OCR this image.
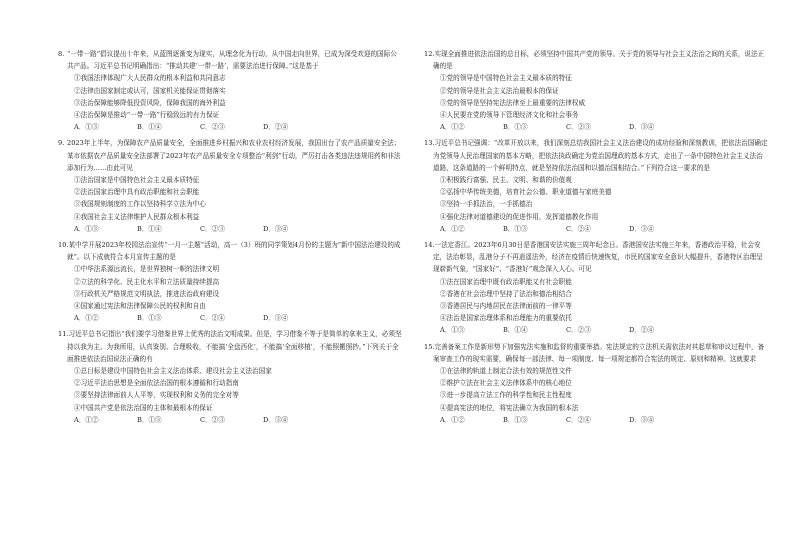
8. “一带一路”倡议提出十年来，从蓝图逐渐变为现实，从理念化为行动，从中国走向世界，已成为深受欢迎的国际公共产品。习近平总书记明确指出：“推动共建‘一带一路’，需要法治进行保障。”这是基于
①我国法律体现广大人民群众的根本利益和共同意志
②法律由国家制定或认可，国家机关能保证贯彻落实
③法治保障能够降低投资风险，保障我国的海外利益
④法治保障是推动“一带一路”行稳致远的有力保证
A．①③	B．①④	C．②③	D．②④
9. 2023年上半年，为保障农产品质量安全，全面推进乡村振兴和农业农村经济发展，我国出台了农产品质量安全法；某市依据农产品质量安全法部署了2023年农产品质量安全专项整治“利剑”行动，严厉打击各类违法违规用药和非法添加行为……由此可见
①法治国家是中国特色社会主义最本质特征
②法治国家治理中具有政治职能和社会职能
③我国规则制度的工作以坚持科学立法为中心
④我国社会主义法律维护人民群众根本利益
A．①③	B．①④	C．②③	D．③④
10.某中学开展2023年校园法治宣传“一月一主题”活动，高一（3）班的同学策划4月份的主题为“新中国法治建设的成就”。以下成就符合本月宣传主题的是
①中华法系源远流长，是世界独树一帜的法律文明
②立法的科学化、民主化水平和立法质量持续提高
③行政机关严格规范文明执法，推进法治政府建设
④国家通过宪法和法律保障公民的权利和自由
A．①②	B．①③	C．②④	D．③④
11.习近平总书记指出“我们要学习借鉴世界上优秀的法治文明成果。但是，学习借鉴不等于是简单的拿来主义，必须坚持以我为主、为我所用，认真鉴别、合理吸收，不能搞‘全盘西化’，不能搞‘全面移植’，不能照搬照抄。”下列关于全面推进依法治国说法正确的有
①总目标是建设中国特色社会主义法治体系、建设社会主义法治国家
②习近平法治思想是全面依法治国的根本遵循和行动指南
③要坚持法律面前人人平等，实现权利和义务的完全对等
④中国共产党是依法治国的主体和最根本的保证
A．①②	B．①③	C．②③	D．③④
12.实现全面推进依法治国的总目标，必须坚持中国共产党的领导。关于党的领导与社会主义法治之间的关系，说法正确的是
①党的领导是中国特色社会主义最本质的特征
②党的领导是社会主义法治最根本的保证
③党的领导是坚持宪法法律至上最重要的法律权威
④人民要在党的领导下管理经济文化和社会事务
A．①②	B．①③	C．②③	D．③④
13.习近平总书记强调：“改革开放以来，我们深刻总结我国社会主义法治建设的成功经验和深刻教训，把依法治国确定为党领导人民治理国家的基本方略，把依法执政确定为党治国理政的基本方式，走出了一条中国特色社会主义法治道路，这条道路的一个鲜明特点，就是坚持依法治国和以德治国相结合。”下列符合这一要求的是
①积极践行富强、民主、文明、和谐的价值观
②弘扬中华传统美德，培育社会公德、职业道德与家庭美德
③坚持一手抓法治，一手抓德治
④强化法律对道德建设的促进作用，发挥道德教化作用
A．①②	B．①③	C．②④	D．③④
14.一法定香江。2023年6月30日是香港国安法实施三周年纪念日。香港国安法实施三年来，香港政治平稳，社会安定，法治彰显，乱港分子不再逍遥法外，经济在疫情后快速恢复，市民的国家安全意识大幅提升，香港特区治理呈现崭新气象，“国家好”、“香港好”观念深入人心。可见
①法在国家治理中既有政治职能又有社会职能
②香港在社会治理中坚持了法治和德治相结合
③香港居民与内地居民在法律面前的一律平等
④法治是国家治理体系和治理能力的重要依托
A．①③	B．①④	C．②③	D．②④
15.完善备案工作是新形势下加强宪法实施和监督的重要举措。宪法规定的立法机关需依法对其起草和审议过程中，备案审查工作的现实需要，确保每一部法律、每一项制度、每一项规定都符合宪法的规定、原则和精神。这就要求
①在法律的轨道上制定合法有效的规范性文件
②维护立法在社会主义法律体系中的核心地位
③进一步提高立法工作的科学性和民主性程度
④提高宪法的地位，将宪法确立为我国的根本法
A．①②	B．①③	C．②④	D．③④
